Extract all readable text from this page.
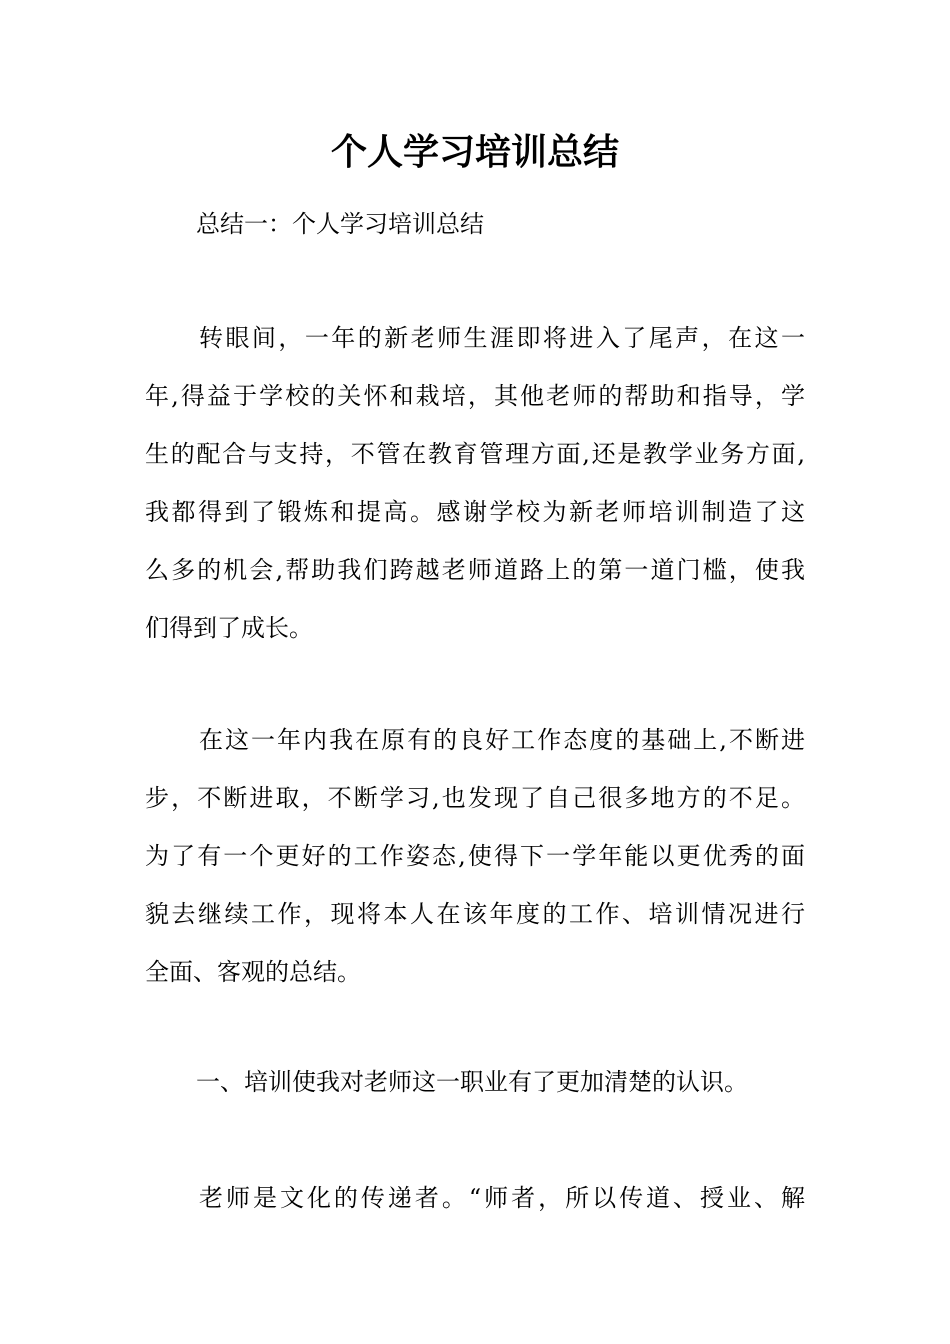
个人学习培训总结

总结一：个人学习培训总结

转眼间，一年的新老师生涯即将进入了尾声，在这一
年,得益于学校的关怀和栽培，其他老师的帮助和指导，学
生的配合与支持，不管在教育管理方面,还是教学业务方面,
我都得到了锻炼和提高。感谢学校为新老师培训制造了这
么多的机会,帮助我们跨越老师道路上的第一道门槛，使我
们得到了成长。
在这一年内我在原有的良好工作态度的基础上,不断进
步，不断进取，不断学习,也发现了自己很多地方的不足。
为了有一个更好的工作姿态,使得下一学年能以更优秀的面
貌去继续工作，现将本人在该年度的工作、培训情况进行
全面、客观的总结。

一、培训使我对老师这一职业有了更加清楚的认识。

老师是文化的传递者。“师者，所以传道、授业、解
